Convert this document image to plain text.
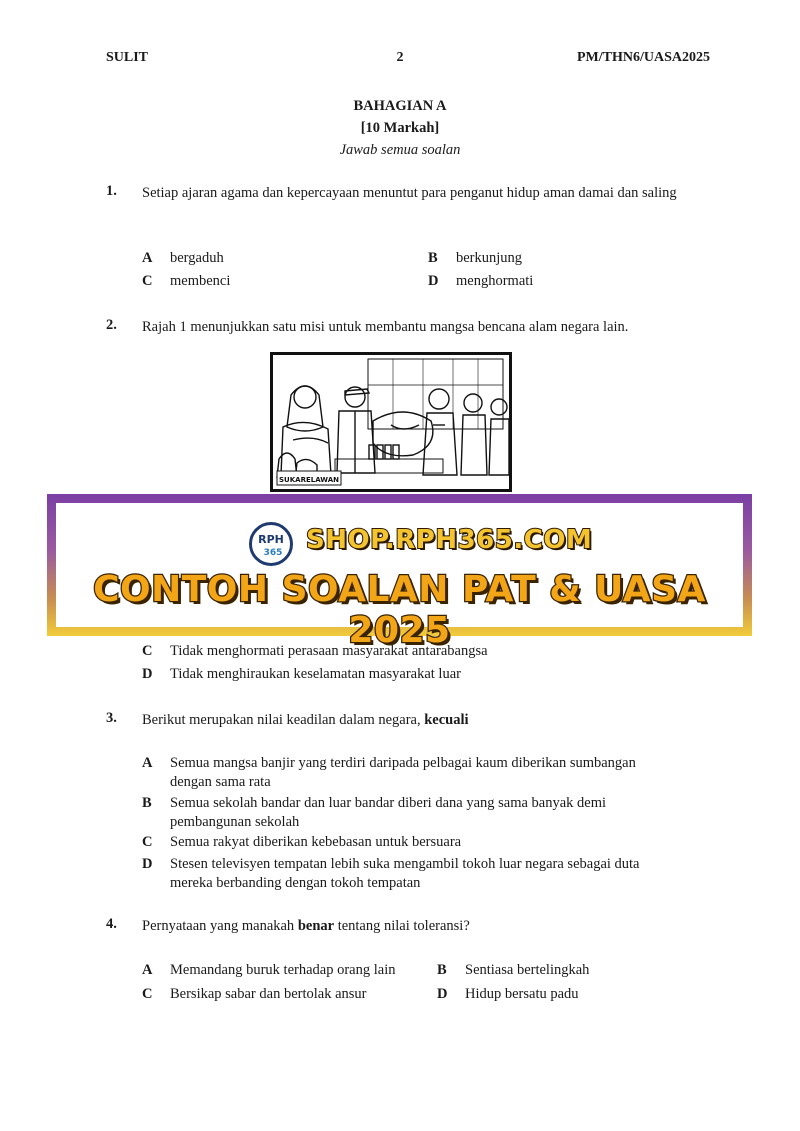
SULIT	2	PM/THN6/UASA2025
BAHAGIAN A
[10 Markah]
Jawab semua soalan
1. Setiap ajaran agama dan kepercayaan menuntut para penganut hidup aman damai dan saling
A bergaduh	B berkunjung
C membenci	D menghormati
2. Rajah 1 menunjukkan satu misi untuk membantu mangsa bencana alam negara lain.
SUKARELAWAN
RPH
365 SHOP.RPH365.COM
CONTOH SOALAN PAT & UASA 2025
C Tidak menghormati perasaan masyarakat antarabangsa
D Tidak menghiraukan keselamatan masyarakat luar
3. Berikut merupakan nilai keadilan dalam negara, kecuali
A Semua mangsa banjir yang terdiri daripada pelbagai kaum diberikan sumbangan
dengan sama rata
B Semua sekolah bandar dan luar bandar diberi dana yang sama banyak demi
pembangunan sekolah
C Semua rakyat diberikan kebebasan untuk bersuara
D Stesen televisyen tempatan lebih suka mengambil tokoh luar negara sebagai duta
mereka berbanding dengan tokoh tempatan
4. Pernyataan yang manakah benar tentang nilai toleransi?
A Memandang buruk terhadap orang lain	B Sentiasa bertelingkah
C Bersikap sabar dan bertolak ansur	D Hidup bersatu padu
